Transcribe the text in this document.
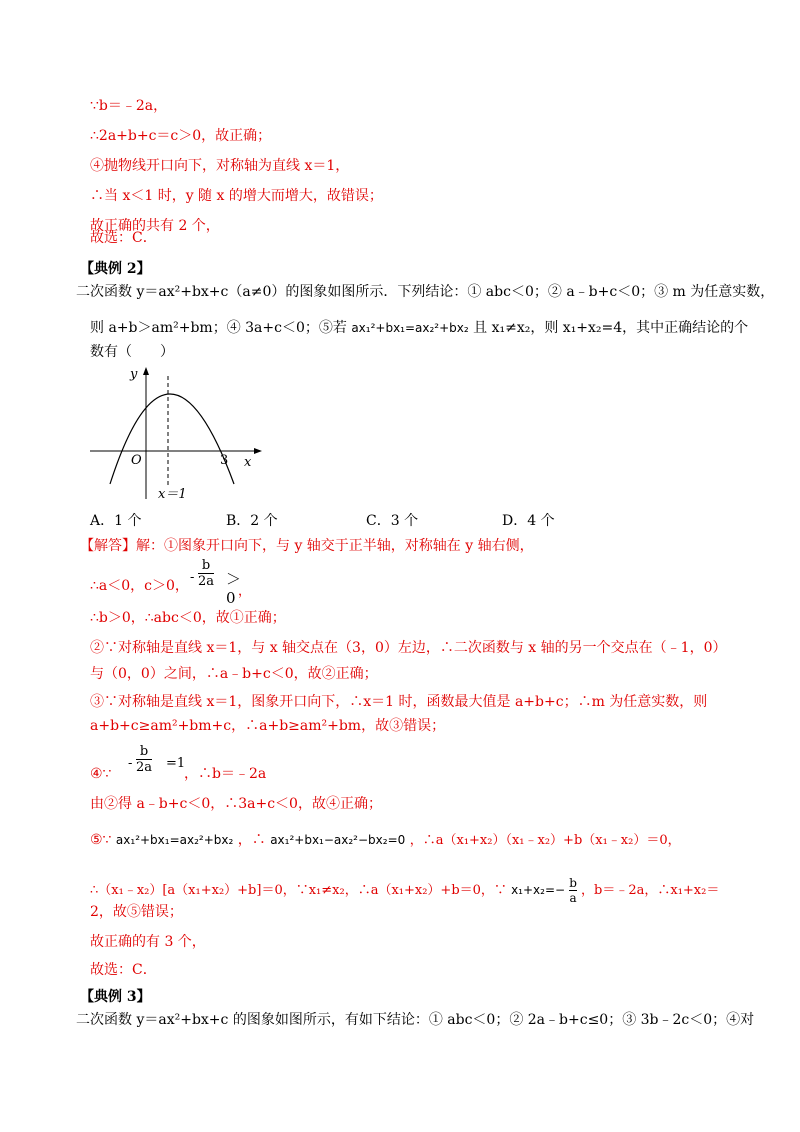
∵b＝﹣2a，
∴2a+b+c＝c＞0，故正确；
④抛物线开口向下，对称轴为直线 x＝1，
∴当 x＜1 时，y 随 x 的增大而增大，故错误；
故正确的共有 2 个，
故选：C．
【典例 2】
二次函数 y＝ax²+bx+c（a≠0）的图象如图所示．下列结论：① abc＜0；② a﹣b+c＜0；③ m 为任意实数，
则 a+b＞am²+bm；④ 3a+c＜0；⑤若 ax₁²+bx₁=ax₂²+bx₂ 且 x₁≠x₂，则 x₁+x₂=4，其中正确结论的个
数有（　　）
y
x
O	3
x＝1
A．1 个	B．2 个	C．3 个	D．4 个
【解答】解：①图象开口向下，与 y 轴交于正半轴，对称轴在 y 轴右侧，
∴a＜0，c＞0，
- $\frac{b}{2a} >0$ ，
∴b＞0，∴abc＜0，故①正确；
②∵对称轴是直线 x＝1，与 x 轴交点在（3，0）左边，∴二次函数与 x 轴的另一个交点在（﹣1，0）
与（0，0）之间，∴a﹣b+c＜0，故②正确；
③∵对称轴是直线 x＝1，图象开口向下，∴x＝1 时，函数最大值是 a+b+c；∴m 为任意实数，则
a+b+c≥am²+bm+c，∴a+b≥am²+bm，故③错误；
④∵
- $\frac{b}{2a} =1$
，∴b＝﹣2a
由②得 a﹣b+c＜0，∴3a+c＜0，故④正确；
⑤∵ ax₁²+bx₁=ax₂²+bx₂ ，∴ ax₁²+bx₁−ax₂²−bx₂=0 ，∴a（x₁+x₂）（x₁﹣x₂）+b（x₁﹣x₂）＝0，
∴（x₁﹣x₂）[a（x₁+x₂）+b]＝0，∵x₁≠x₂，∴a（x₁+x₂）+b＝0，∵ $x_1+x_2=- \frac{b}{a}$ ，b＝﹣2a，∴x₁+x₂＝
2，故⑤错误；
故正确的有 3 个，
故选：C．
【典例 3】
二次函数 y＝ax²+bx+c 的图象如图所示，有如下结论：① abc＜0；② 2a﹣b+c≤0；③ 3b﹣2c＜0；④对
